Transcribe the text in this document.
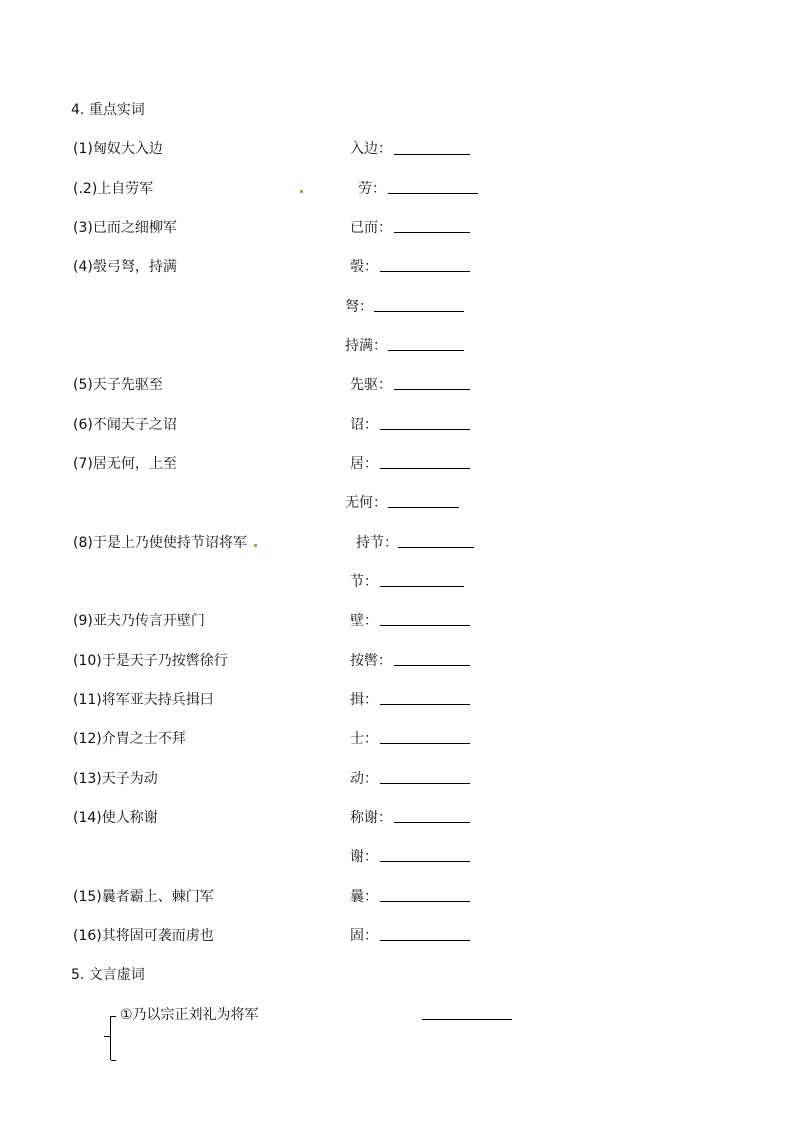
4. 重点实词
(1)匈奴大入边	入边：
(.2)上自劳军	劳：
(3)已而之细柳军	已而：
(4)彀弓弩，持满	彀：
弩：
持满：
(5)天子先驱至	先驱：
(6)不闻天子之诏	诏：
(7)居无何，上至	居：
无何：
(8)于是上乃使使持节诏将军	持节：
节：
(9)亚夫乃传言开壁门	壁：
(10)于是天子乃按辔徐行	按辔：
(11)将军亚夫持兵揖曰	揖：
(12)介胄之士不拜	士：
(13)天子为动	动：
(14)使人称谢	称谢：
谢：
(15)曩者霸上、棘门军	曩：
(16)其将固可袭而虏也	固：
5. 文言虚词
①乃以宗正刘礼为将军
